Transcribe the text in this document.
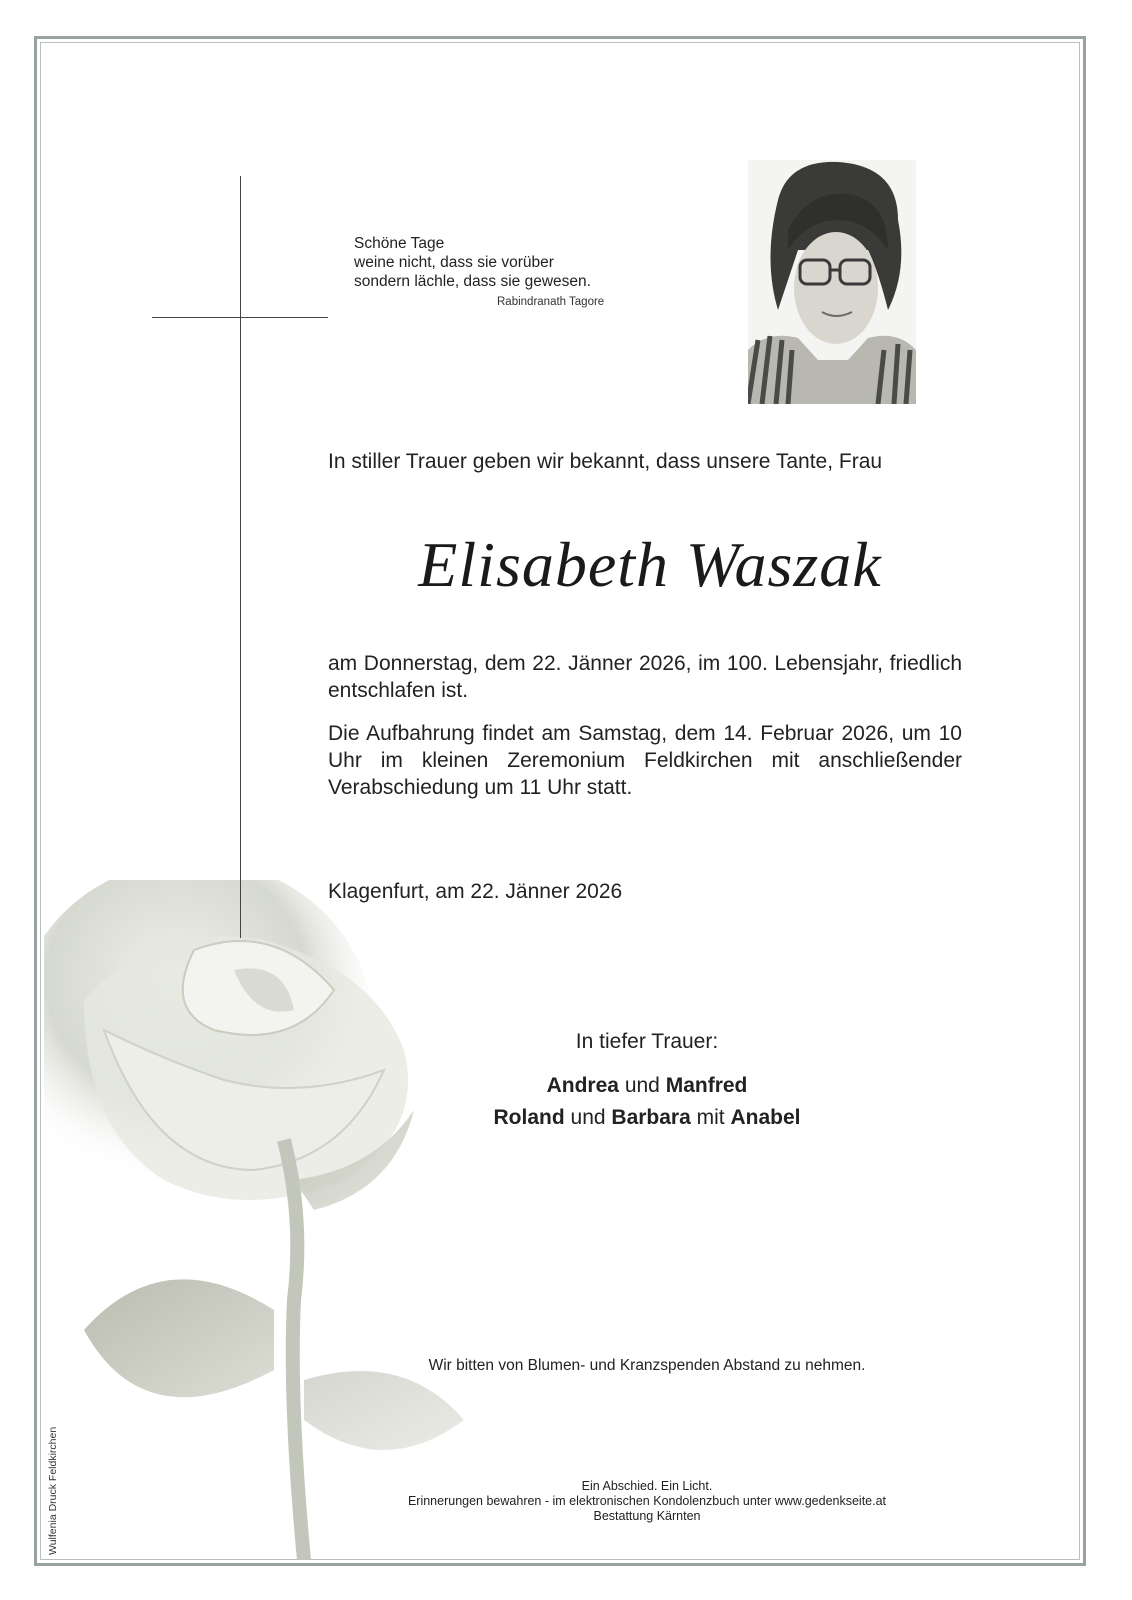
Schöne Tage
weine nicht, dass sie vorüber
sondern lächle, dass sie gewesen.
Rabindranath Tagore
In stiller Trauer geben wir bekannt, dass unsere Tante, Frau
Elisabeth Waszak
am Donnerstag, dem 22. Jänner 2026, im 100. Lebensjahr, friedlich entschlafen ist.
Die Aufbahrung findet am Samstag, dem 14. Februar 2026, um 10 Uhr im kleinen Zeremonium Feldkirchen mit anschließender Verabschiedung um 11 Uhr statt.
Klagenfurt, am 22. Jänner 2026
In tiefer Trauer:
Andrea und Manfred
Roland und Barbara mit Anabel
Wir bitten von Blumen- und Kranzspenden Abstand zu nehmen.
Ein Abschied. Ein Licht.
Erinnerungen bewahren - im elektronischen Kondolenzbuch unter www.gedenkseite.at
Bestattung Kärnten
Wulfenia Druck Feldkirchen
